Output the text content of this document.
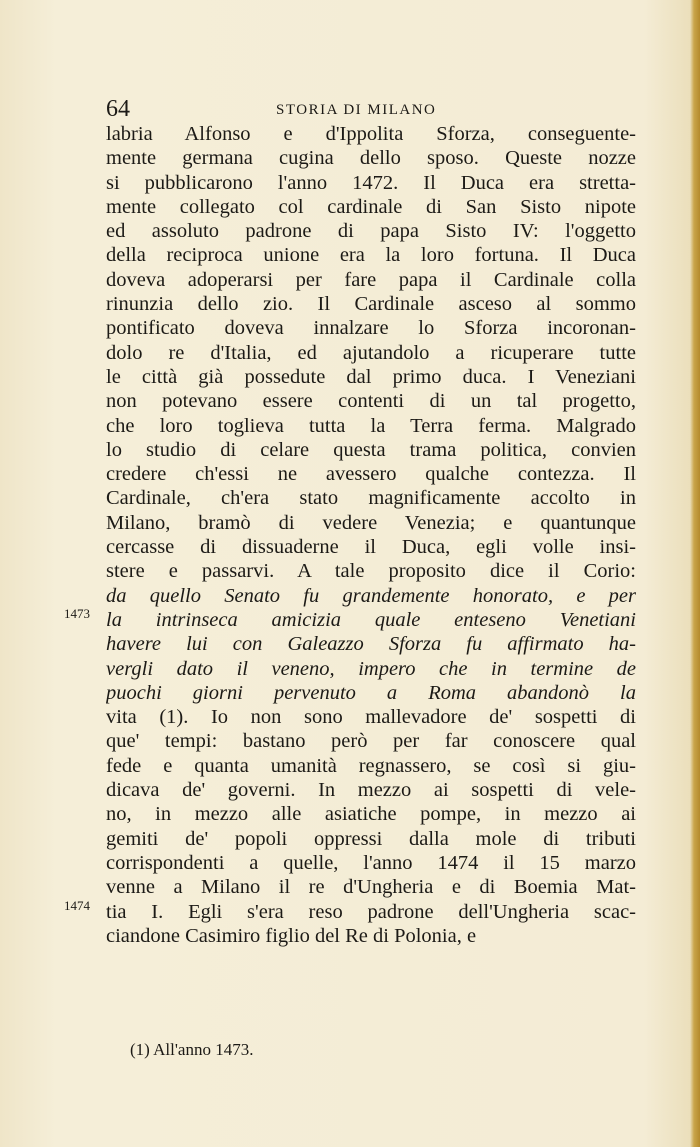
64	STORIA DI MILANO
1473
1474
labria Alfonso e d'Ippolita Sforza, conseguente-
mente germana cugina dello sposo. Queste nozze
si pubblicarono l'anno 1472. Il Duca era stretta-
mente collegato col cardinale di San Sisto nipote
ed assoluto padrone di papa Sisto IV: l'oggetto
della reciproca unione era la loro fortuna. Il Duca
doveva adoperarsi per fare papa il Cardinale colla
rinunzia dello zio. Il Cardinale asceso al sommo
pontificato doveva innalzare lo Sforza incoronan-
dolo re d'Italia, ed ajutandolo a ricuperare tutte
le città già possedute dal primo duca. I Veneziani
non potevano essere contenti di un tal progetto,
che loro toglieva tutta la Terra ferma. Malgrado
lo studio di celare questa trama politica, convien
credere ch'essi ne avessero qualche contezza. Il
Cardinale, ch'era stato magnificamente accolto in
Milano, bramò di vedere Venezia; e quantunque
cercasse di dissuaderne il Duca, egli volle insi-
stere e passarvi. A tale proposito dice il Corio:
da quello Senato fu grandemente honorato, e per
la intrinseca amicizia quale enteseno Venetiani
havere lui con Galeazzo Sforza fu affirmato ha-
vergli dato il veneno, impero che in termine de
puochi giorni pervenuto a Roma abandonò la
vita (1). Io non sono mallevadore de' sospetti di
que' tempi: bastano però per far conoscere qual
fede e quanta umanità regnassero, se così si giu-
dicava de' governi. In mezzo ai sospetti di vele-
no, in mezzo alle asiatiche pompe, in mezzo ai
gemiti de' popoli oppressi dalla mole di tributi
corrispondenti a quelle, l'anno 1474 il 15 marzo
venne a Milano il re d'Ungheria e di Boemia Mat-
tia I. Egli s'era reso padrone dell'Ungheria scac-
ciandone Casimiro figlio del Re di Polonia, e
(1) All'anno 1473.
